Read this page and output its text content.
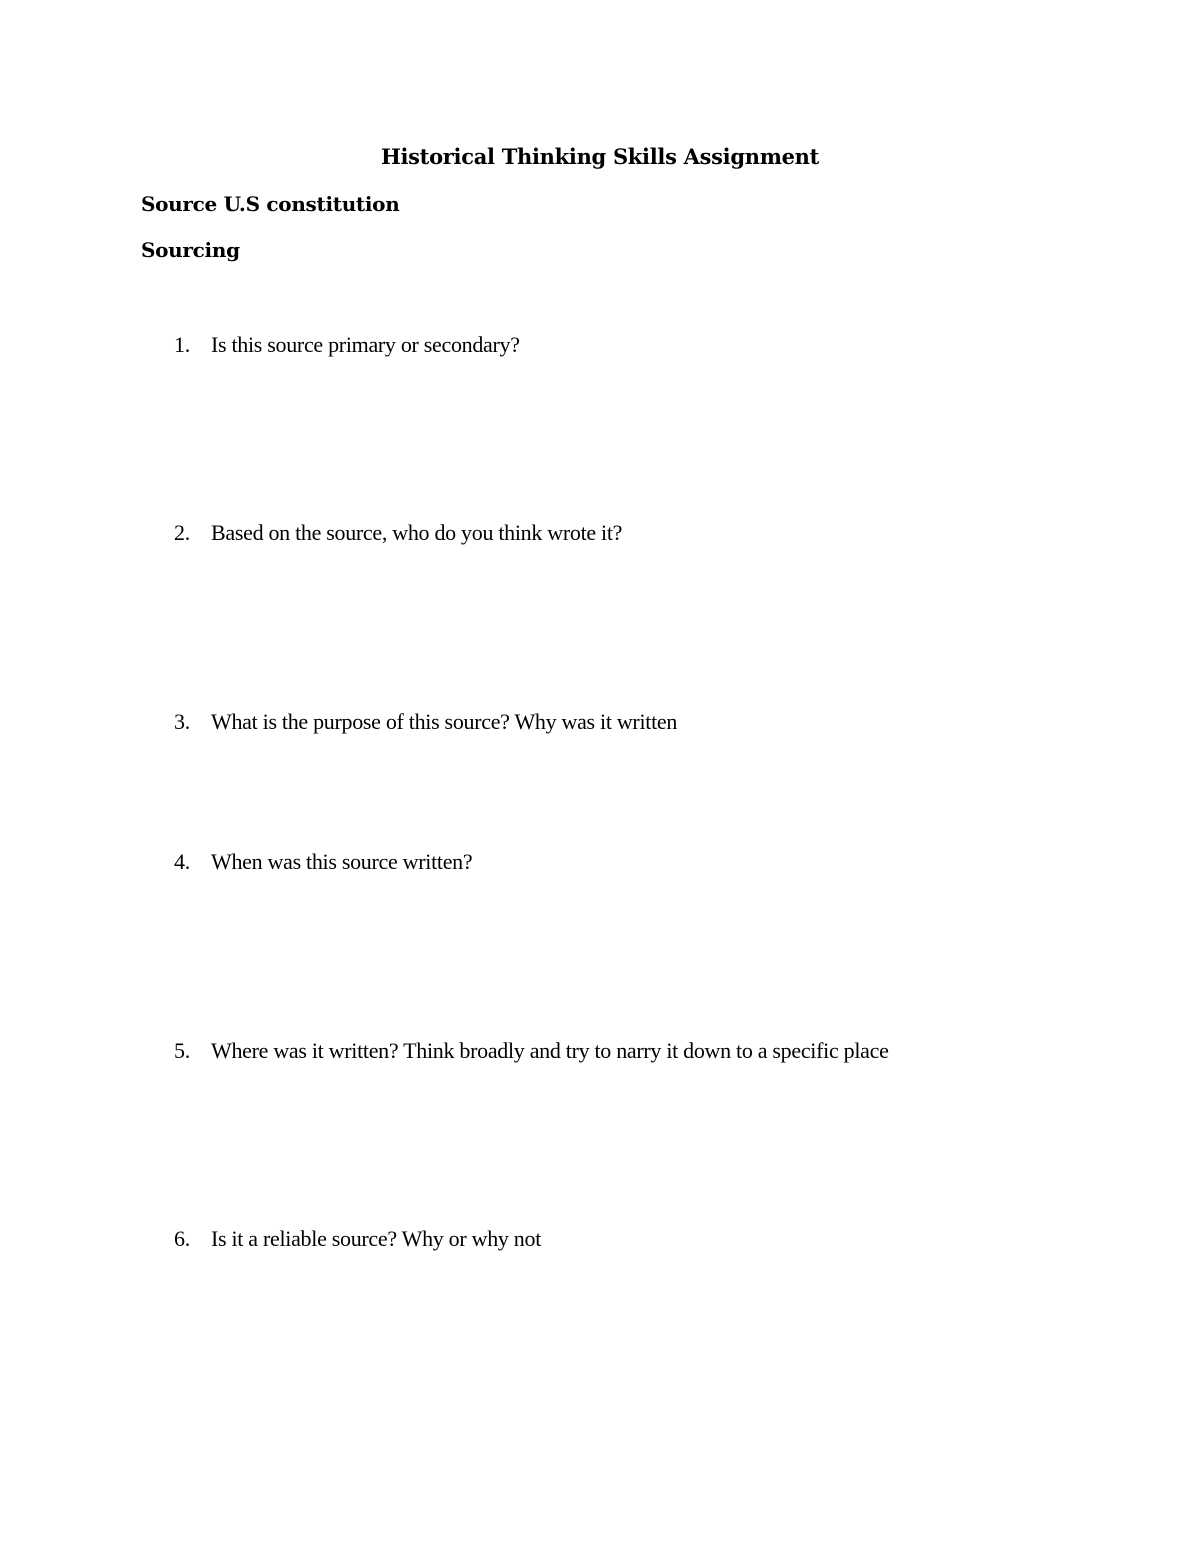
Historical Thinking Skills Assignment
Source U.S constitution
Sourcing
1. Is this source primary or secondary?
2. Based on the source, who do you think wrote it?
3. What is the purpose of this source? Why was it written
4. When was this source written?
5. Where was it written? Think broadly and try to narry it down to a specific place
6. Is it a reliable source? Why or why not
